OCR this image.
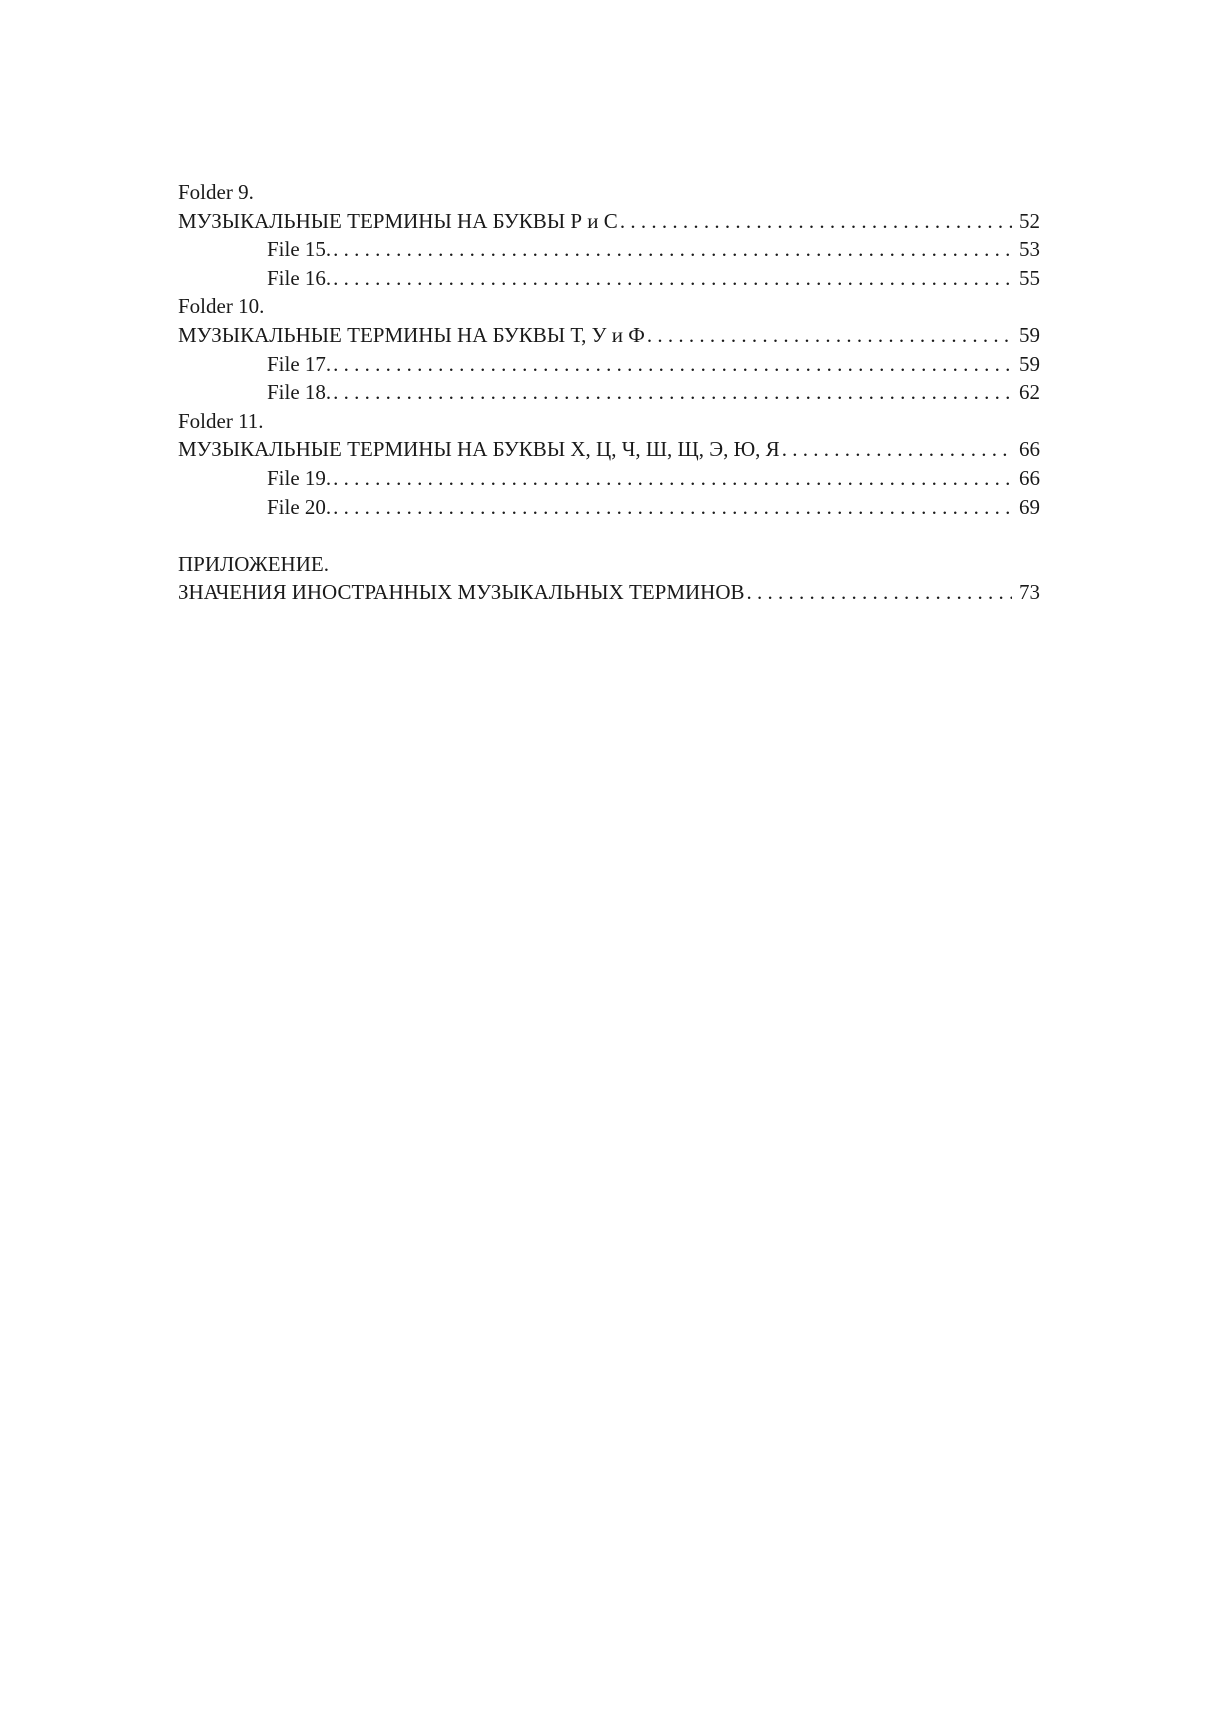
Folder 9.
МУЗЫКАЛЬНЫЕ ТЕРМИНЫ НА БУКВЫ Р и С . . .	52
File 15. . . .	53
File 16. . . .	55
Folder 10.
МУЗЫКАЛЬНЫЕ ТЕРМИНЫ НА БУКВЫ Т, У и Ф . . .	59
File 17. . . .	59
File 18. . . .	62
Folder 11.
МУЗЫКАЛЬНЫЕ ТЕРМИНЫ НА БУКВЫ Х, Ц, Ч, Ш, Щ, Э, Ю, Я . . .	66
File 19. . . .	66
File 20. . . .	69
ПРИЛОЖЕНИЕ.
ЗНАЧЕНИЯ ИНОСТРАННЫХ МУЗЫКАЛЬНЫХ ТЕРМИНОВ . . .	73
